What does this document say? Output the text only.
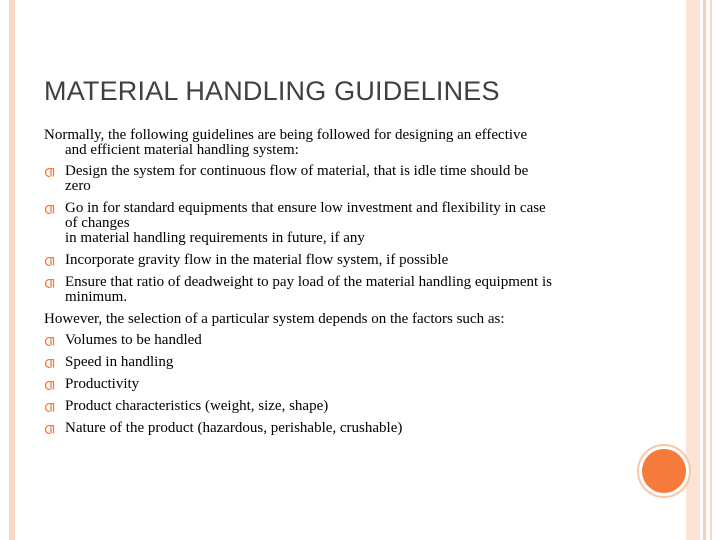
MATERIAL HANDLING GUIDELINES
Normally, the following guidelines are being followed for designing an effective
and efficient material handling system:
Design the system for continuous flow of material, that is idle time should be
zero
Go in for standard equipments that ensure low investment and flexibility in case
of changes
in material handling requirements in future, if any
Incorporate gravity flow in the material flow system, if possible
Ensure that ratio of deadweight to pay load of the material handling equipment is
minimum.
However, the selection of a particular system depends on the factors such as:
Volumes to be handled
Speed in handling
Productivity
Product characteristics (weight, size, shape)
Nature of the product (hazardous, perishable, crushable)
